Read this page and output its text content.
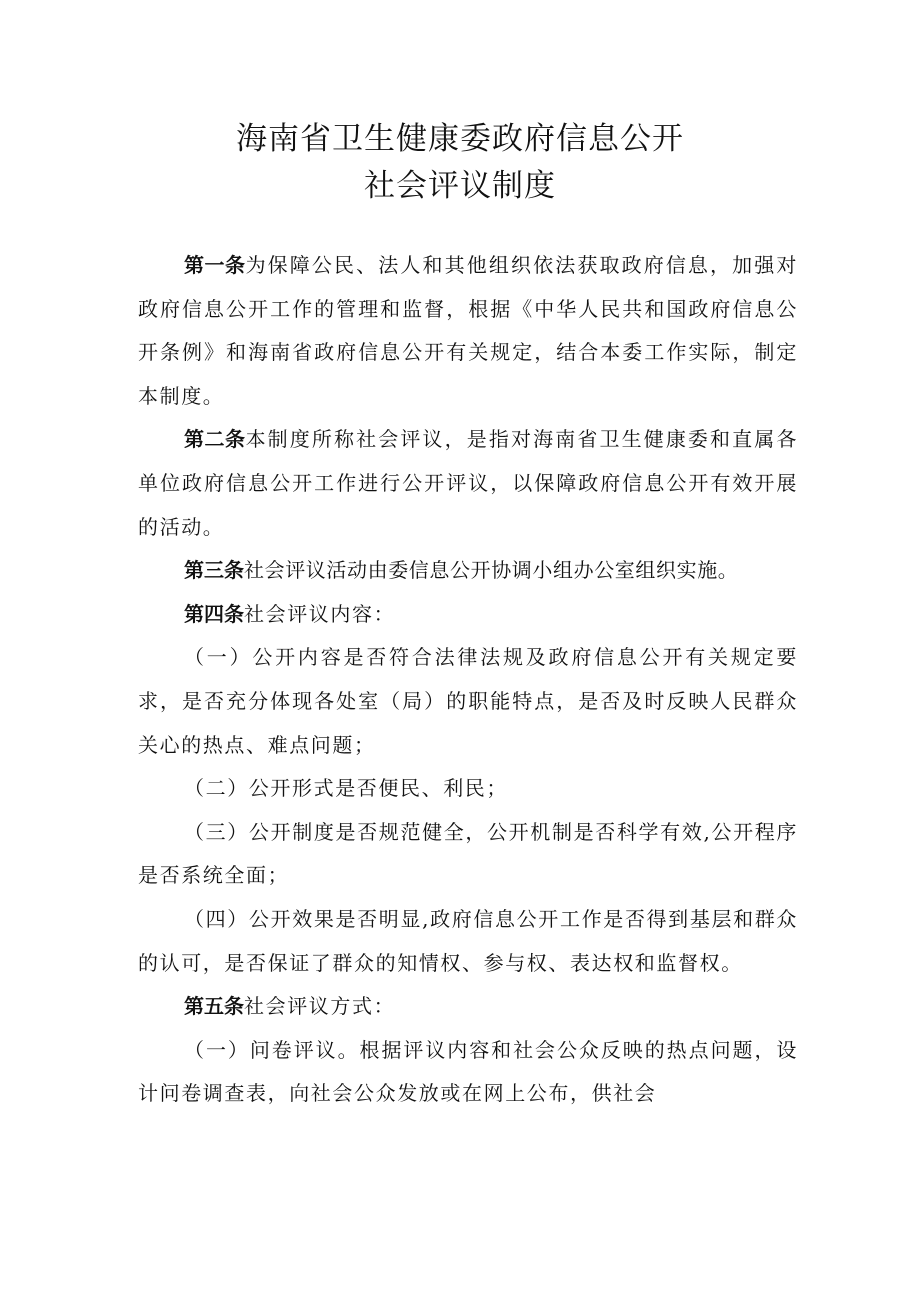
海南省卫生健康委政府信息公开
社会评议制度

第一条为保障公民、法人和其他组织依法获取政府信息，加强对政府信息公开工作的管理和监督，根据《中华人民共和国政府信息公开条例》和海南省政府信息公开有关规定，结合本委工作实际，制定本制度。

第二条本制度所称社会评议，是指对海南省卫生健康委和直属各单位政府信息公开工作进行公开评议，以保障政府信息公开有效开展的活动。

第三条社会评议活动由委信息公开协调小组办公室组织实施。

第四条社会评议内容：

（一）公开内容是否符合法律法规及政府信息公开有关规定要求，是否充分体现各处室（局）的职能特点，是否及时反映人民群众关心的热点、难点问题；

（二）公开形式是否便民、利民；

（三）公开制度是否规范健全，公开机制是否科学有效,公开程序是否系统全面；

（四）公开效果是否明显,政府信息公开工作是否得到基层和群众的认可，是否保证了群众的知情权、参与权、表达权和监督权。

第五条社会评议方式：

（一）问卷评议。根据评议内容和社会公众反映的热点问题，设计问卷调查表，向社会公众发放或在网上公布，供社会
